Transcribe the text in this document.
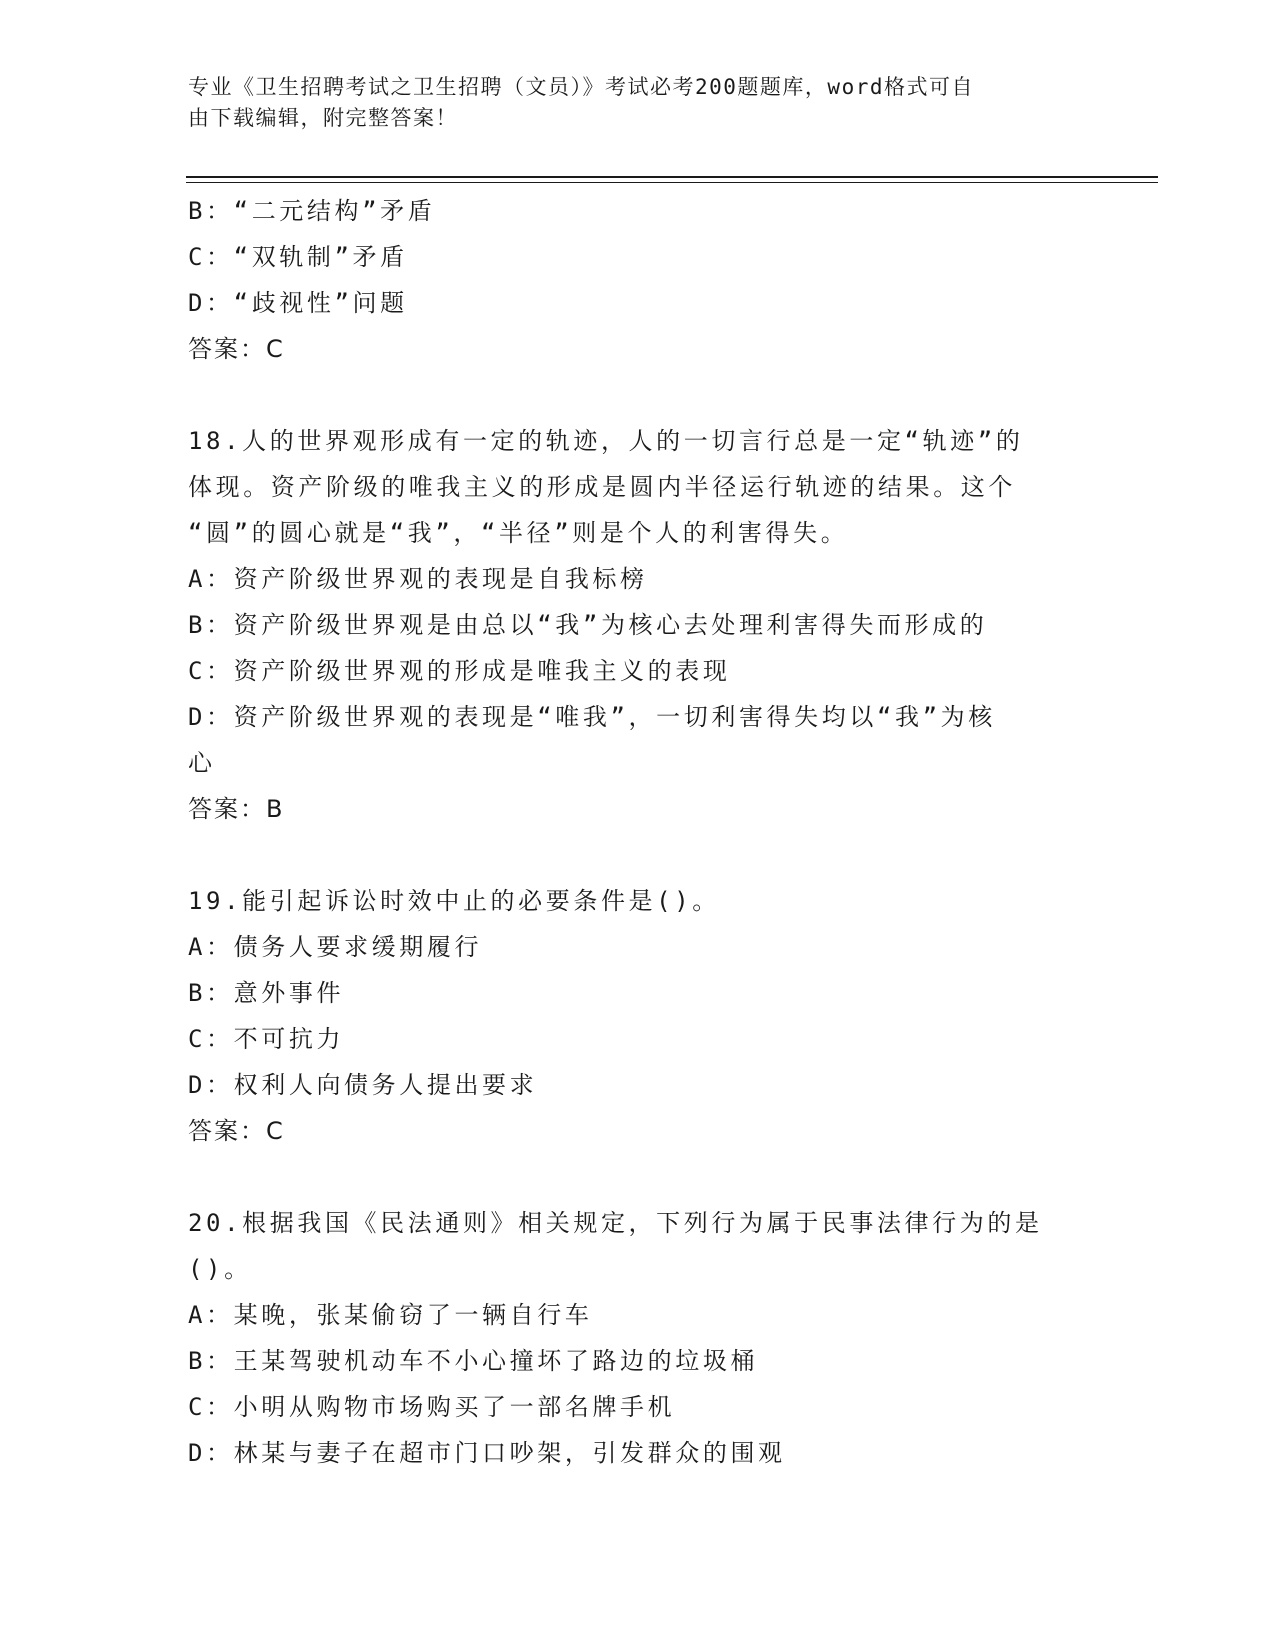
专业《卫生招聘考试之卫生招聘（文员）》考试必考200题题库，word格式可自
由下载编辑，附完整答案！
B：“二元结构”矛盾
C：“双轨制”矛盾
D：“歧视性”问题
答案：C
18.人的世界观形成有一定的轨迹，人的一切言行总是一定“轨迹”的
体现。资产阶级的唯我主义的形成是圆内半径运行轨迹的结果。这个
“圆”的圆心就是“我”，“半径”则是个人的利害得失。
A：资产阶级世界观的表现是自我标榜
B：资产阶级世界观是由总以“我”为核心去处理利害得失而形成的
C：资产阶级世界观的形成是唯我主义的表现
D：资产阶级世界观的表现是“唯我”，一切利害得失均以“我”为核
心
答案：B
19.能引起诉讼时效中止的必要条件是()。
A：债务人要求缓期履行
B：意外事件
C：不可抗力
D：权利人向债务人提出要求
答案：C
20.根据我国《民法通则》相关规定，下列行为属于民事法律行为的是
()。
A：某晚，张某偷窃了一辆自行车
B：王某驾驶机动车不小心撞坏了路边的垃圾桶
C：小明从购物市场购买了一部名牌手机
D：林某与妻子在超市门口吵架，引发群众的围观
